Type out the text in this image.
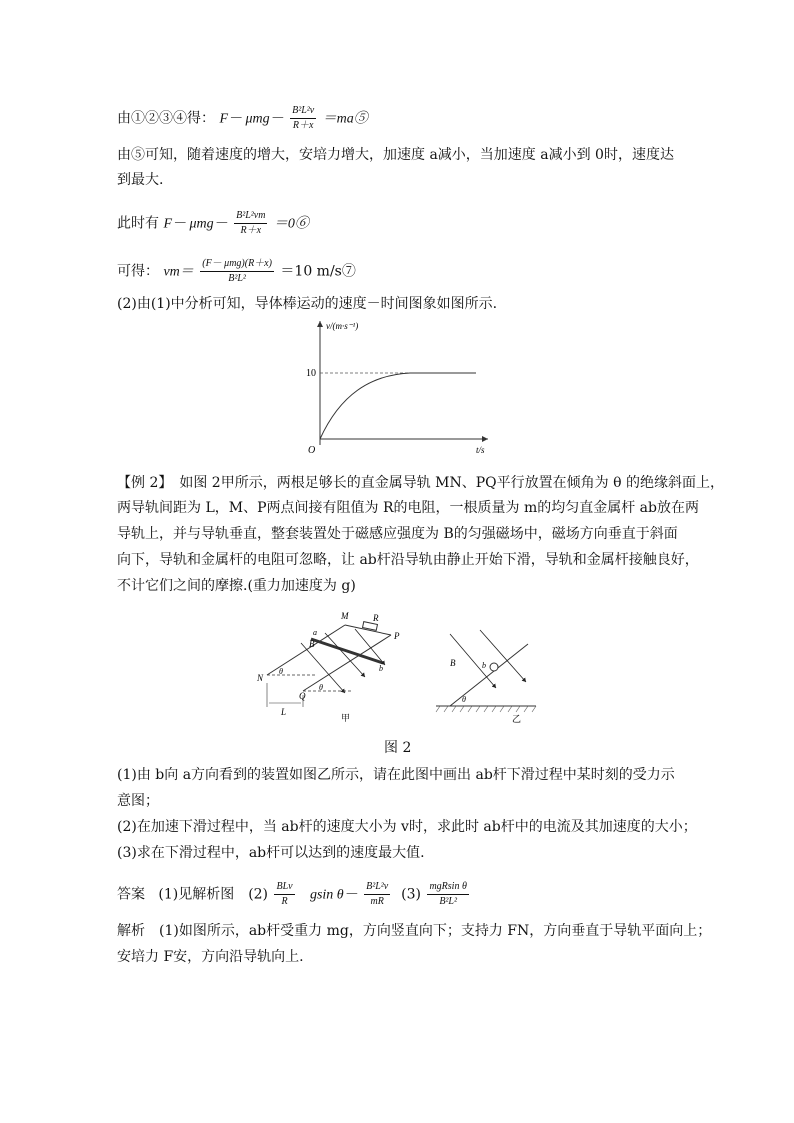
由①②③④得： $F- \mu mg- \frac{\text{B²L²v}}{R+x}$ ＝ma⑤
由⑤可知，随着速度的增大，安培力增大，加速度 a减小，当加速度 a减小到 0时，速度达
到最大.
此时有 $F- \mu mg- \frac{\text{B²L²vm}}{R+x}$ ＝0⑥
可得： $vm= \frac{\text{(F－ μmg)(R＋x)}}{\text{B²L²}} =10$ m/s⑦
(2)由(1)中分析可知，导体棒运动的速度－时间图象如图所示.
v/(m·s⁻¹)
t/s
O
10
【例 2】　如图 2甲所示，两根足够长的直金属导轨 MN、PQ平行放置在倾角为 θ 的绝缘斜面上，
两导轨间距为 L，M、P两点间接有阻值为 R的电阻，一根质量为 m的均匀直金属杆 ab放在两
导轨上，并与导轨垂直，整套装置处于磁感应强度为 B的匀强磁场中，磁场方向垂直于斜面
向下，导轨和金属杆的电阻可忽略，让 ab杆沿导轨由静止开始下滑，导轨和金属杆接触良好，
不计它们之间的摩擦.(重力加速度为 g)
M	R
P
a
B
b
N
Q
θ
θ
L
甲
B	b
θ
乙
图 2
(1)由 b向 a方向看到的装置如图乙所示，请在此图中画出 ab杆下滑过程中某时刻的受力示
意图；
(2)在加速下滑过程中，当 ab杆的速度大小为 v时，求此时 ab杆中的电流及其加速度的大小；
(3)求在下滑过程中，ab杆可以达到的速度最大值.
答案 (1)见解析图　$(2) \frac{\text{BLv}}{R}$ gsin $\theta- \frac{\text{B²L²v}}{mR} (3) \frac{\text{mgRsin θ}}{\text{B²L²}}$
解析　(1)如图所示，ab杆受重力 mg，方向竖直向下；支持力 FN，方向垂直于导轨平面向上；
安培力 F安，方向沿导轨向上.
